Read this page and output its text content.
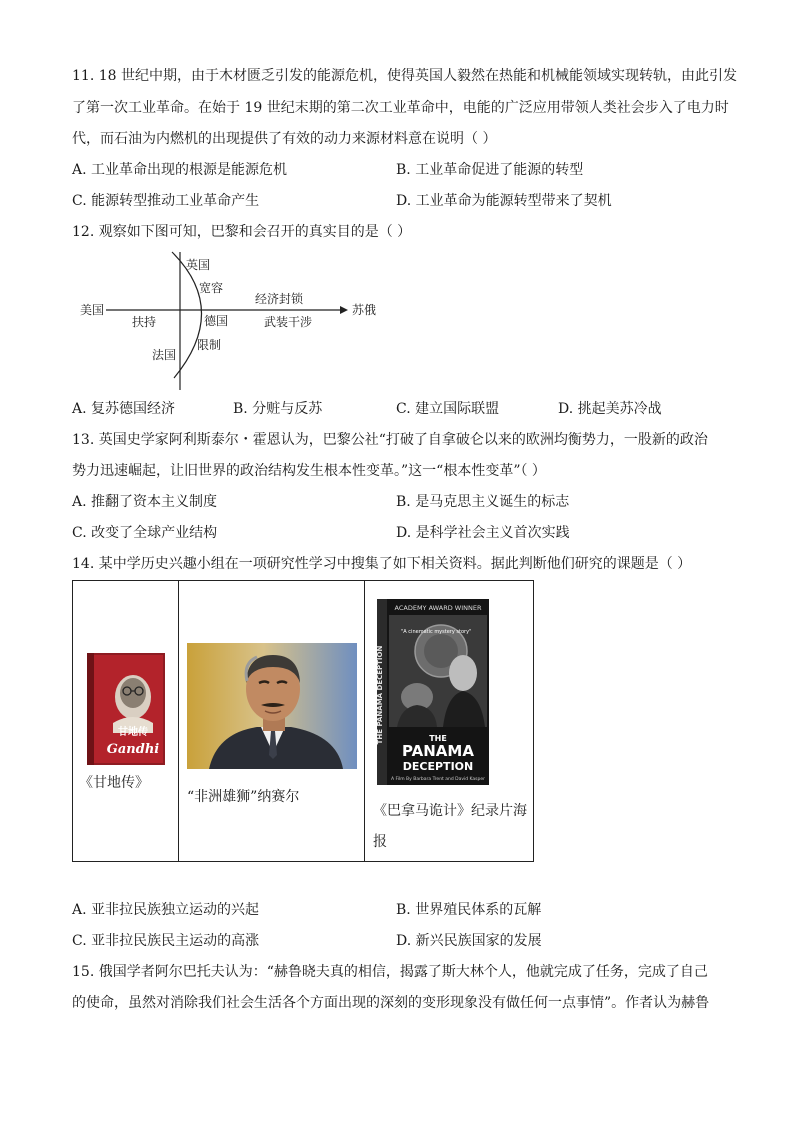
11. 18 世纪中期，由于木材匮乏引发的能源危机，使得英国人毅然在热能和机械能领域实现转轨，由此引发
了第一次工业革命。在始于 19 世纪末期的第二次工业革命中，电能的广泛应用带领人类社会步入了电力时
代，而石油为内燃机的出现提供了有效的动力来源材料意在说明（ ）
A. 工业革命出现的根源是能源危机	B. 工业革命促进了能源的转型
C. 能源转型推动工业革命产生	D. 工业革命为能源转型带来了契机
12. 观察如下图可知，巴黎和会召开的真实目的是（ ）
美国	苏俄
英国
法国
宽容
经济封锁
扶持	德国	武装干涉
限制
A. 复苏德国经济	B. 分赃与反苏	C. 建立国际联盟	D. 挑起美苏冷战
13. 英国史学家阿利斯泰尔・霍恩认为，巴黎公社“打破了自拿破仑以来的欧洲均衡势力，一股新的政治
势力迅速崛起，让旧世界的政治结构发生根本性变革。”这一“根本性变革”（ ）
A. 推翻了资本主义制度	B. 是马克思主义诞生的标志
C. 改变了全球产业结构	D. 是科学社会主义首次实践
14. 某中学历史兴趣小组在一项研究性学习中搜集了如下相关资料。据此判断他们研究的课题是（ ）
甘地传
Gandhi
《甘地传》
“非洲雄狮”纳赛尔
THE PANAMA DECEPTION
ACADEMY AWARD WINNER
"A cinematic mystery story"
THE
PANAMA
DECEPTION
A Film By Barbara Trent and David Kasper
《巴拿马诡计》纪录片海
报
A. 亚非拉民族独立运动的兴起	B. 世界殖民体系的瓦解
C. 亚非拉民族民主运动的高涨	D. 新兴民族国家的发展
15. 俄国学者阿尔巴托夫认为：“赫鲁晓夫真的相信，揭露了斯大林个人，他就完成了任务，完成了自己
的使命，虽然对消除我们社会生活各个方面出现的深刻的变形现象没有做任何一点事情”。作者认为赫鲁
